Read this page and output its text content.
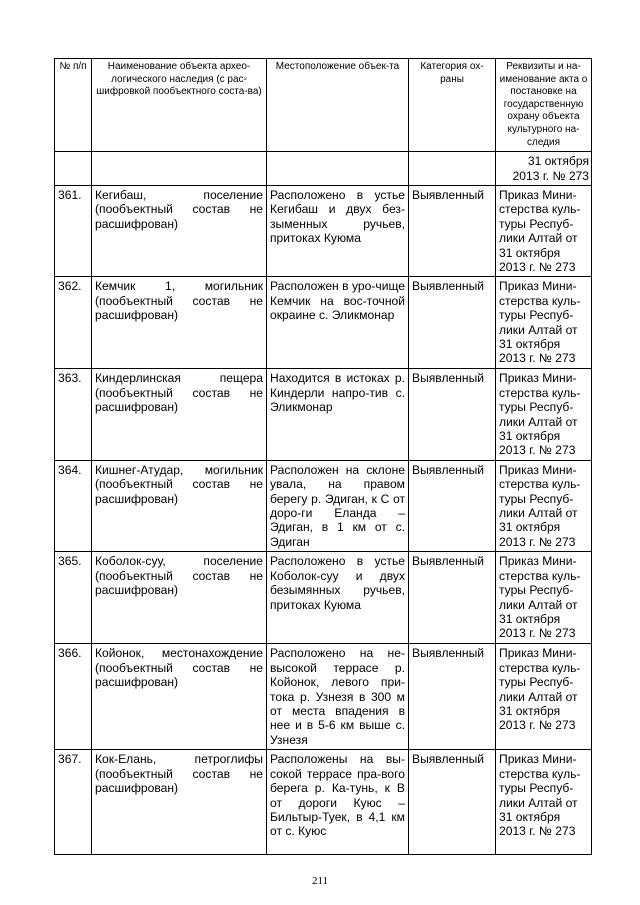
№ п/п	Наименование объекта архео-логического наследия (с рас-шифровкой пообъектного соста-ва)	Местоположение объек-та	Категория ох-раны	Реквизиты и на-именование акта о постановке на государственную охрану объекта культурного на-следия
				31 октября 2013 г. № 273
361.	Кегибаш, поселение (пообъектный состав не расшифрован)	Расположено в устье Кегибаш и двух без-зыменных ручьев, притоках Куюма	Выявленный	Приказ Мини-стерства куль-туры Респуб-лики Алтай от 31 октября 2013 г. № 273
362.	Кемчик 1, могильник (пообъектный состав не расшифрован)	Расположен в уро-чище Кемчик на вос-точной окраине с. Эликмонар	Выявленный	Приказ Мини-стерства куль-туры Респуб-лики Алтай от 31 октября 2013 г. № 273
363.	Киндерлинская пещера (пообъектный состав не расшифрован)	Находится в истоках р. Киндерли напро-тив с. Эликмонар	Выявленный	Приказ Мини-стерства куль-туры Респуб-лики Алтай от 31 октября 2013 г. № 273
364.	Кишнег-Атудар, могильник (пообъектный состав не расшифрован)	Расположен на склоне увала, на правом берегу р. Эдиган, к С от доро-ги Еланда – Эдиган, в 1 км от с. Эдиган	Выявленный	Приказ Мини-стерства куль-туры Респуб-лики Алтай от 31 октября 2013 г. № 273
365.	Коболок-суу, поселение (пообъектный состав не расшифрован)	Расположено в устье Коболок-суу и двух безымянных ручьев, притоках Куюма	Выявленный	Приказ Мини-стерства куль-туры Респуб-лики Алтай от 31 октября 2013 г. № 273
366.	Койонок, местонахождение (пообъектный состав не расшифрован)	Расположено на не-высокой террасе р. Койонок, левого при-тока р. Узнезя в 300 м от места впадения в нее и в 5-6 км выше с. Узнезя	Выявленный	Приказ Мини-стерства куль-туры Респуб-лики Алтай от 31 октября 2013 г. № 273
367.	Кок-Елань, петроглифы (пообъектный состав не расшифрован)	Расположены на вы-сокой террасе пра-вого берега р. Ка-тунь, к В от дороги Куюс – Бильтыр-Туек, в 4,1 км от с. Куюс	Выявленный	Приказ Мини-стерства куль-туры Респуб-лики Алтай от 31 октября 2013 г. № 273
211
